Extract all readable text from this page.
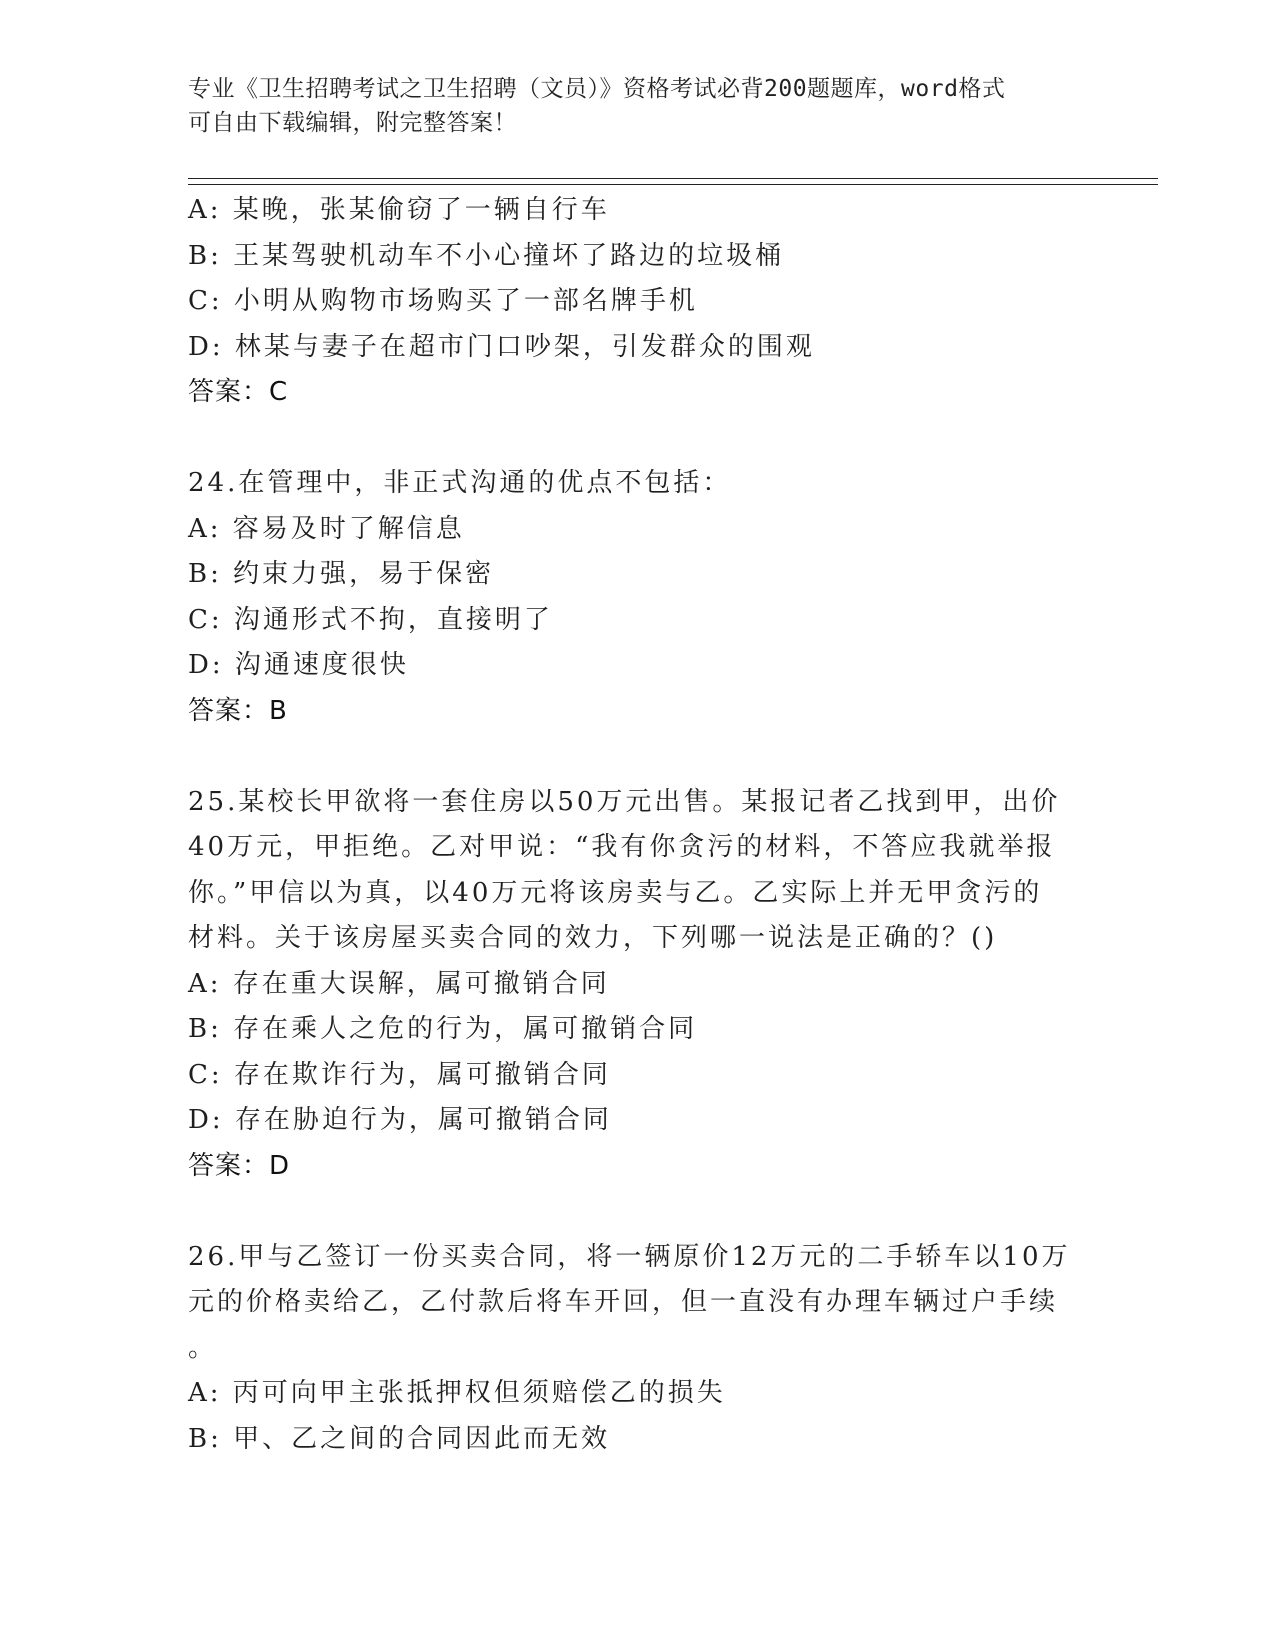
专业《卫生招聘考试之卫生招聘（文员）》资格考试必背200题题库，word格式
可自由下载编辑，附完整答案！
A: 某晚，张某偷窃了一辆自行车
B: 王某驾驶机动车不小心撞坏了路边的垃圾桶
C: 小明从购物市场购买了一部名牌手机
D: 林某与妻子在超市门口吵架，引发群众的围观
答案：C
24.在管理中，非正式沟通的优点不包括：
A: 容易及时了解信息
B: 约束力强，易于保密
C: 沟通形式不拘，直接明了
D: 沟通速度很快
答案：B
25.某校长甲欲将一套住房以50万元出售。某报记者乙找到甲，出价
40万元，甲拒绝。乙对甲说：“我有你贪污的材料，不答应我就举报
你。”甲信以为真，以40万元将该房卖与乙。乙实际上并无甲贪污的
材料。关于该房屋买卖合同的效力，下列哪一说法是正确的？()
A: 存在重大误解，属可撤销合同
B: 存在乘人之危的行为，属可撤销合同
C: 存在欺诈行为，属可撤销合同
D: 存在胁迫行为，属可撤销合同
答案：D
26.甲与乙签订一份买卖合同，将一辆原价12万元的二手轿车以10万
元的价格卖给乙，乙付款后将车开回，但一直没有办理车辆过户手续
。
A: 丙可向甲主张抵押权但须赔偿乙的损失
B: 甲、乙之间的合同因此而无效
